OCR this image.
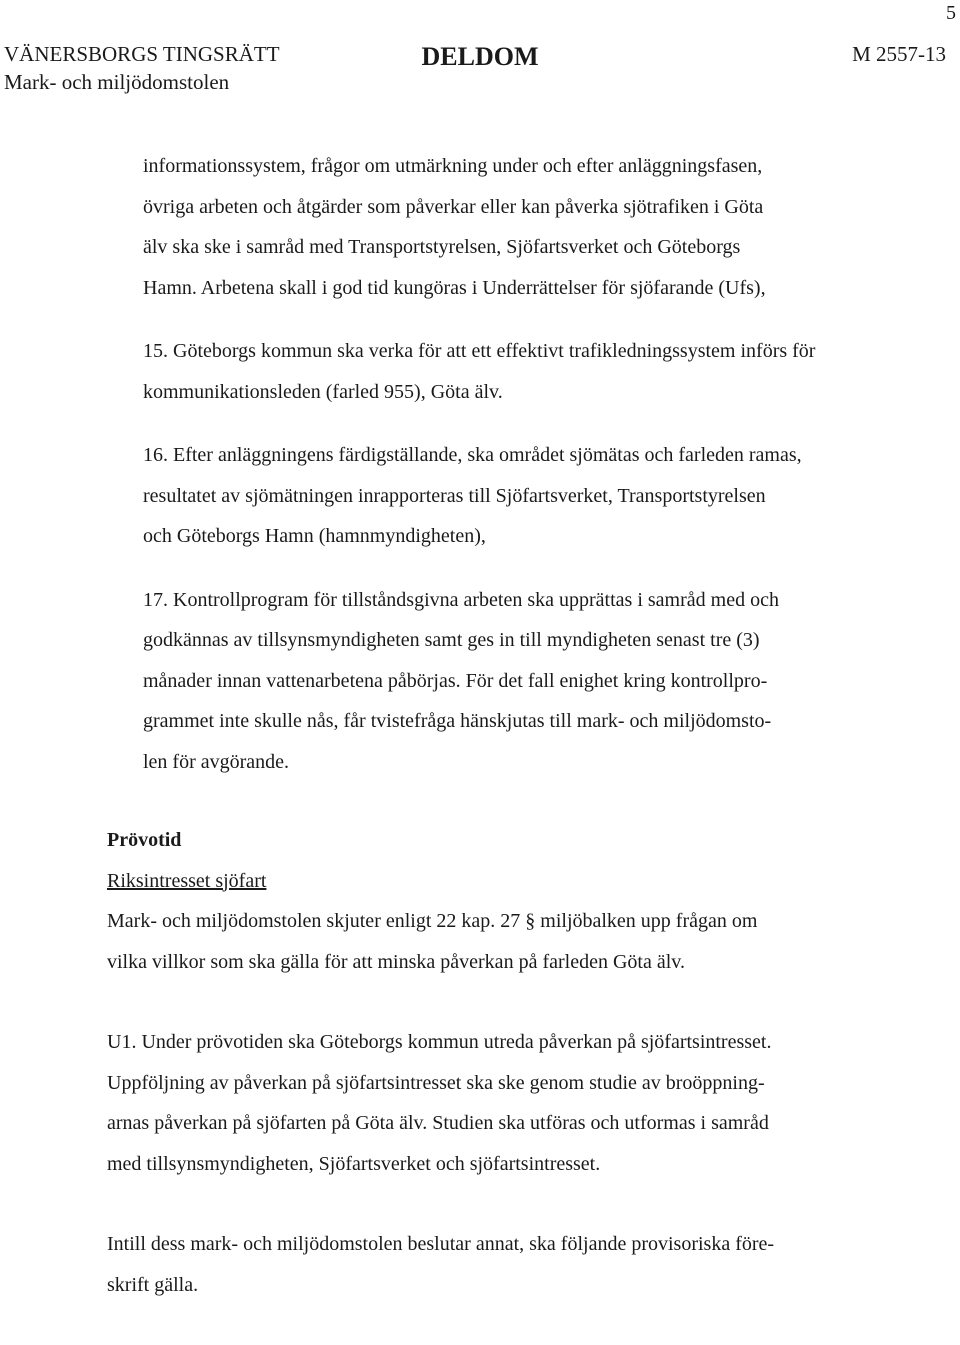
5
VÄNERSBORGS TINGSRÄTT
Mark- och miljödomstolen
DELDOM	M 2557-13
informationssystem, frågor om utmärkning under och efter anläggningsfasen,
övriga arbeten och åtgärder som påverkar eller kan påverka sjötrafiken i Göta
älv ska ske i samråd med Transportstyrelsen, Sjöfartsverket och Göteborgs
Hamn. Arbetena skall i god tid kungöras i Underrättelser för sjöfarande (Ufs),
15. Göteborgs kommun ska verka för att ett effektivt trafikledningssystem införs för
kommunikationsleden (farled 955), Göta älv.
16. Efter anläggningens färdigställande, ska området sjömätas och farleden ramas,
resultatet av sjömätningen inrapporteras till Sjöfartsverket, Transportstyrelsen
och Göteborgs Hamn (hamnmyndigheten),
17. Kontrollprogram för tillståndsgivna arbeten ska upprättas i samråd med och
godkännas av tillsynsmyndigheten samt ges in till myndigheten senast tre (3)
månader innan vattenarbetena påbörjas. För det fall enighet kring kontrollpro-
grammet inte skulle nås, får tvistefråga hänskjutas till mark- och miljödomsto-
len för avgörande.
Prövotid
Riksintresset sjöfart

Mark- och miljödomstolen skjuter enligt 22 kap. 27 § miljöbalken upp frågan om
vilka villkor som ska gälla för att minska påverkan på farleden Göta älv.

U1. Under prövotiden ska Göteborgs kommun utreda påverkan på sjöfartsintresset.
Uppföljning av påverkan på sjöfartsintresset ska ske genom studie av broöppning-
arnas påverkan på sjöfarten på Göta älv. Studien ska utföras och utformas i samråd
med tillsynsmyndigheten, Sjöfartsverket och sjöfartsintresset.

Intill dess mark- och miljödomstolen beslutar annat, ska följande provisoriska före-
skrift gälla.
